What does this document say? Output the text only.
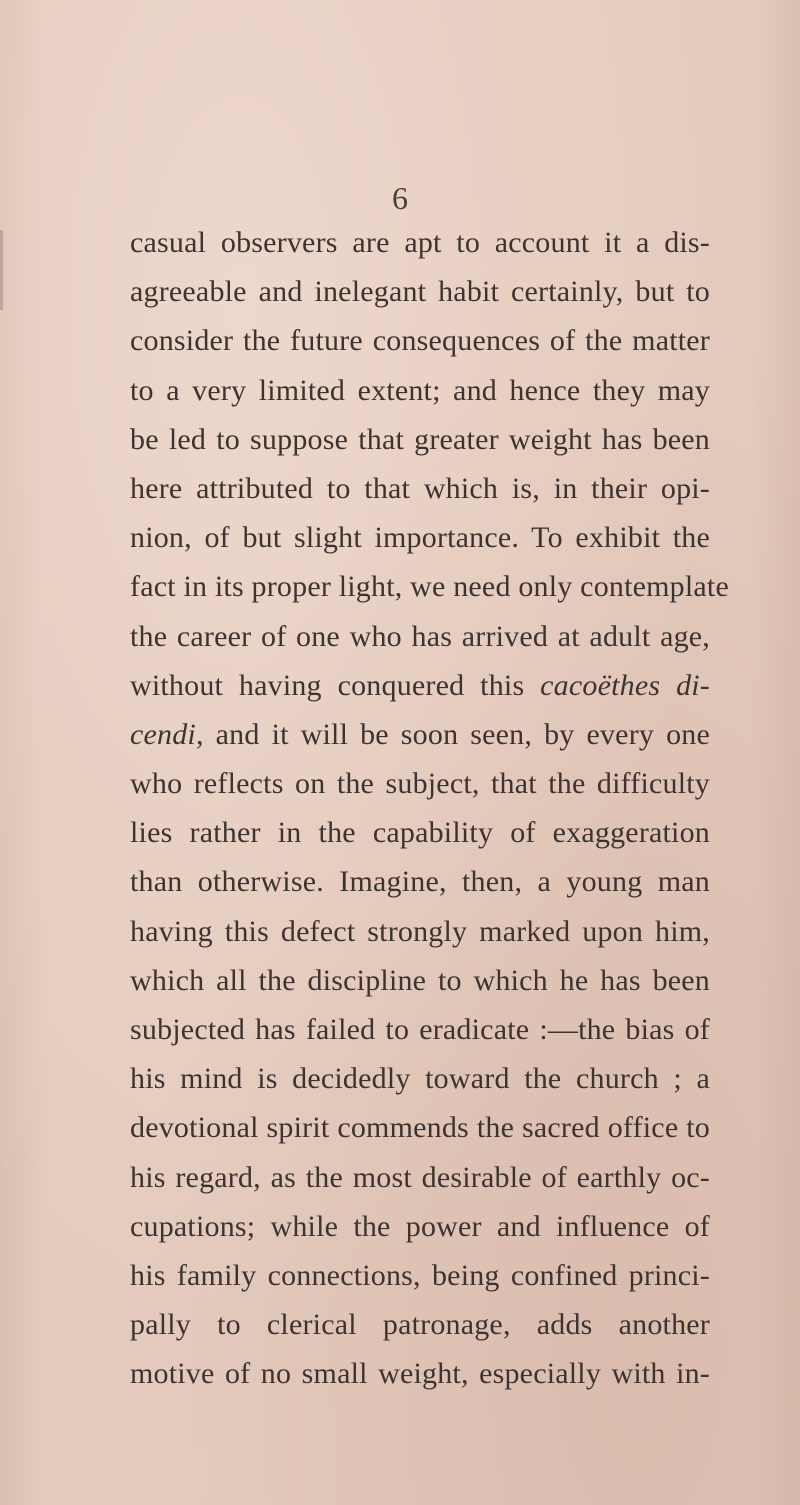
6
casual observers are apt to account it a dis-
agreeable and inelegant habit certainly, but to
consider the future consequences of the matter
to a very limited extent; and hence they may
be led to suppose that greater weight has been
here attributed to that which is, in their opi-
nion, of but slight importance. To exhibit the
fact in its proper light, we need only contemplate
the career of one who has arrived at adult age,
without having conquered this cacoëthes di-
cendi, and it will be soon seen, by every one
who reflects on the subject, that the difficulty
lies rather in the capability of exaggeration
than otherwise. Imagine, then, a young man
having this defect strongly marked upon him,
which all the discipline to which he has been
subjected has failed to eradicate :—the bias of
his mind is decidedly toward the church ; a
devotional spirit commends the sacred office to
his regard, as the most desirable of earthly oc-
cupations; while the power and influence of
his family connections, being confined princi-
pally to clerical patronage, adds another
motive of no small weight, especially with in-
